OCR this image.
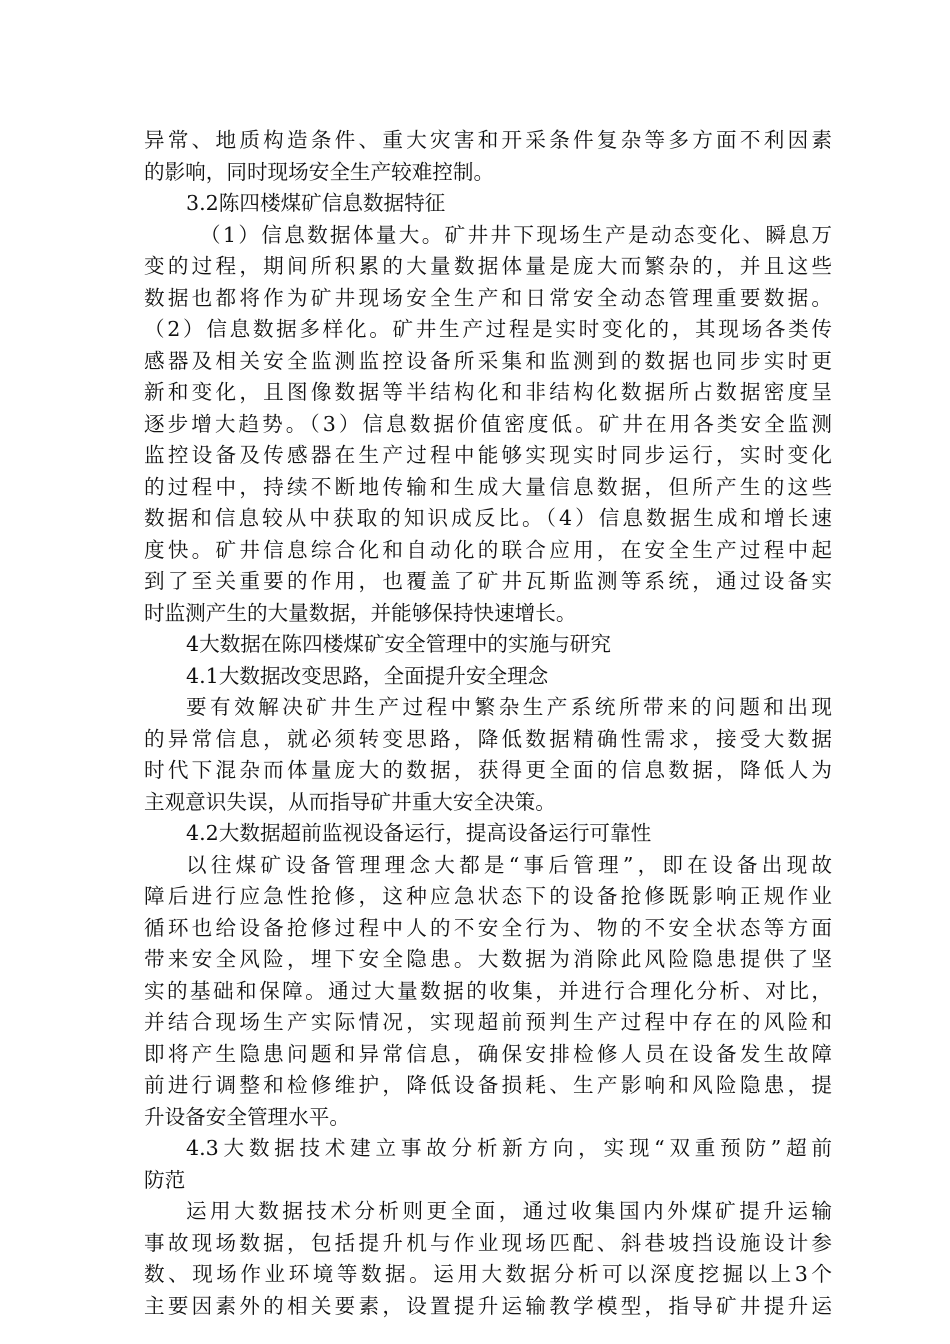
异常、地质构造条件、重大灾害和开采条件复杂等多方面不利因素
的影响，同时现场安全生产较难控制。
3.2陈四楼煤矿信息数据特征
（1）信息数据体量大。矿井井下现场生产是动态变化、瞬息万
变的过程，期间所积累的大量数据体量是庞大而繁杂的，并且这些
数据也都将作为矿井现场安全生产和日常安全动态管理重要数据。
（2）信息数据多样化。矿井生产过程是实时变化的，其现场各类传
感器及相关安全监测监控设备所采集和监测到的数据也同步实时更
新和变化，且图像数据等半结构化和非结构化数据所占数据密度呈
逐步增大趋势。（3）信息数据价值密度低。矿井在用各类安全监测
监控设备及传感器在生产过程中能够实现实时同步运行，实时变化
的过程中，持续不断地传输和生成大量信息数据，但所产生的这些
数据和信息较从中获取的知识成反比。（4）信息数据生成和增长速
度快。矿井信息综合化和自动化的联合应用，在安全生产过程中起
到了至关重要的作用，也覆盖了矿井瓦斯监测等系统，通过设备实
时监测产生的大量数据，并能够保持快速增长。
4大数据在陈四楼煤矿安全管理中的实施与研究
4.1大数据改变思路，全面提升安全理念
要有效解决矿井生产过程中繁杂生产系统所带来的问题和出现
的异常信息，就必须转变思路，降低数据精确性需求，接受大数据
时代下混杂而体量庞大的数据，获得更全面的信息数据，降低人为
主观意识失误，从而指导矿井重大安全决策。
4.2大数据超前监视设备运行，提高设备运行可靠性
以往煤矿设备管理理念大都是“事后管理”，即在设备出现故
障后进行应急性抢修，这种应急状态下的设备抢修既影响正规作业
循环也给设备抢修过程中人的不安全行为、物的不安全状态等方面
带来安全风险，埋下安全隐患。大数据为消除此风险隐患提供了坚
实的基础和保障。通过大量数据的收集，并进行合理化分析、对比，
并结合现场生产实际情况，实现超前预判生产过程中存在的风险和
即将产生隐患问题和异常信息，确保安排检修人员在设备发生故障
前进行调整和检修维护，降低设备损耗、生产影响和风险隐患，提
升设备安全管理水平。
4.3大数据技术建立事故分析新方向，实现“双重预防”超前
防范
运用大数据技术分析则更全面，通过收集国内外煤矿提升运输
事故现场数据，包括提升机与作业现场匹配、斜巷坡挡设施设计参
数、现场作业环境等数据。运用大数据分析可以深度挖掘以上3个
主要因素外的相关要素，设置提升运输教学模型，指导矿井提升运
